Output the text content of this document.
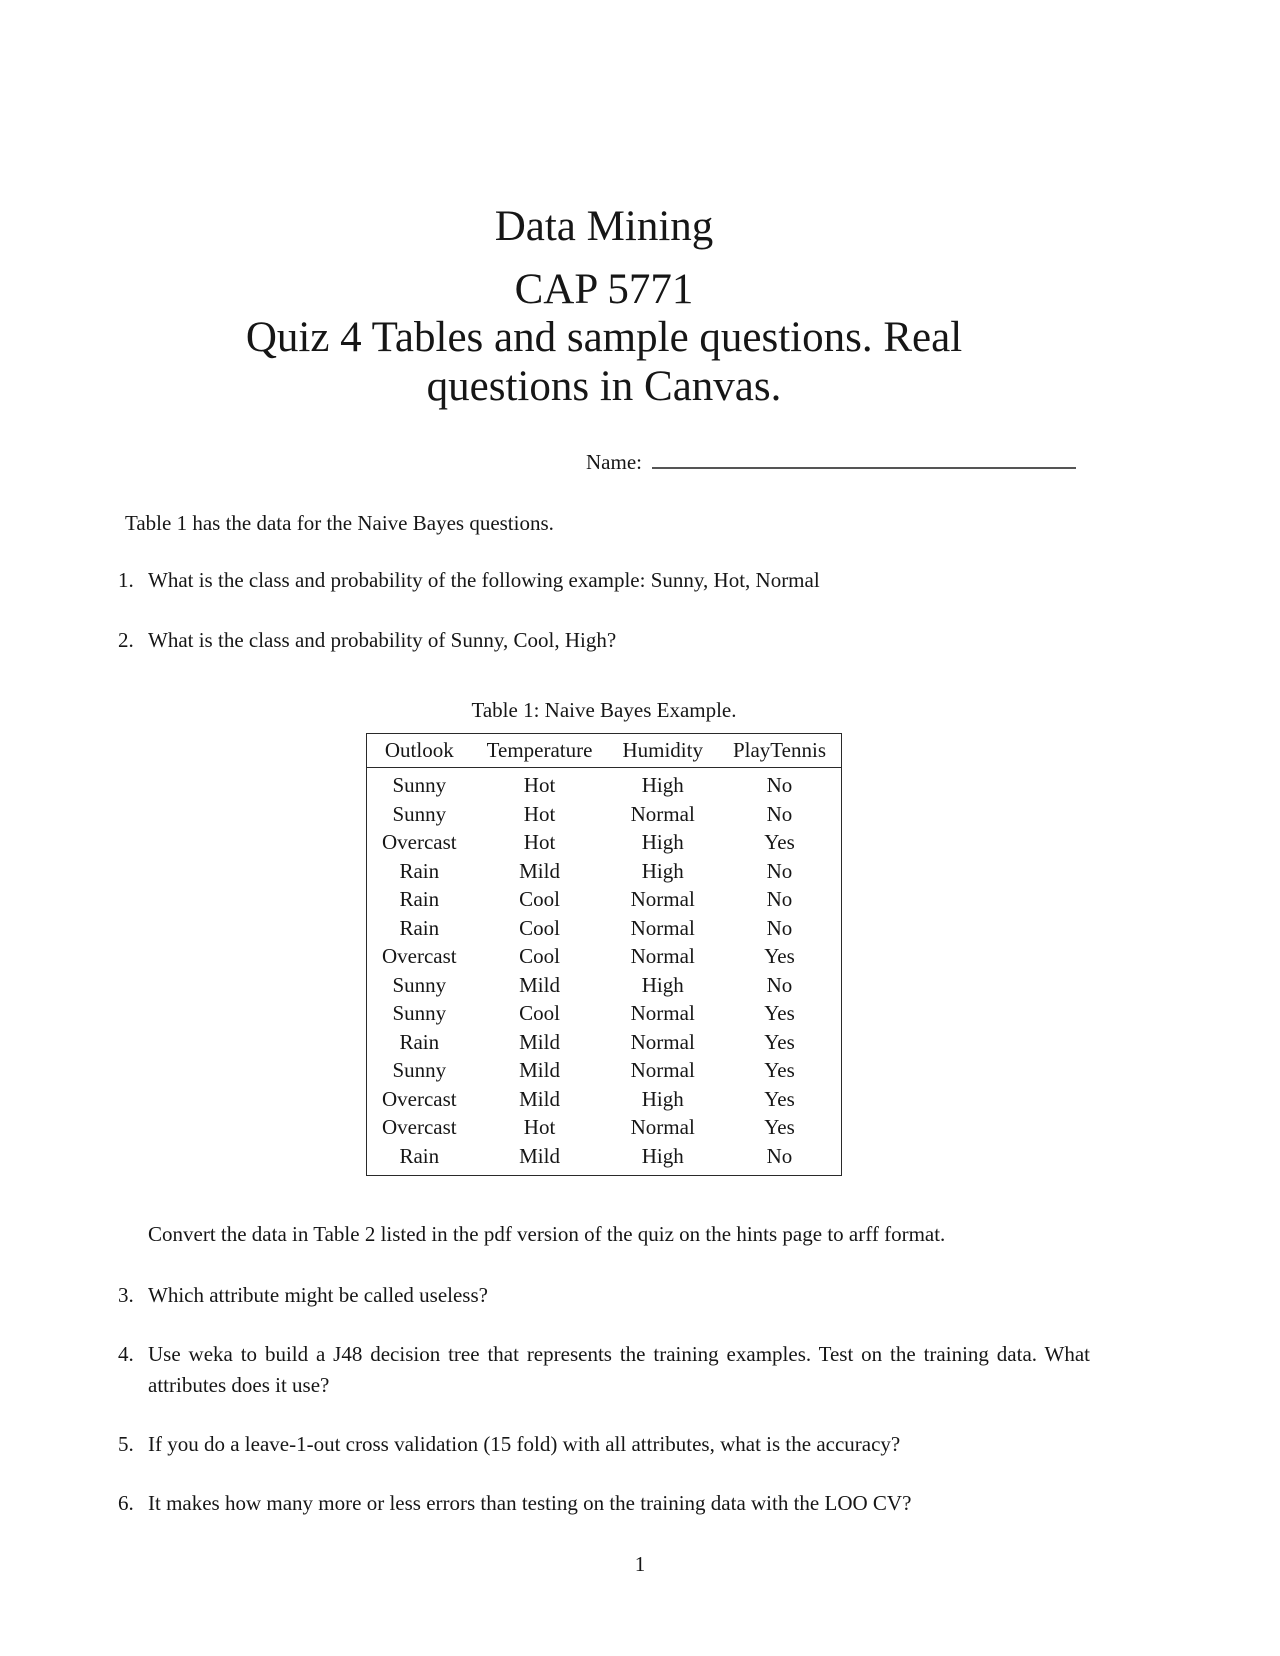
Data Mining
CAP 5771
Quiz 4 Tables and sample questions. Real
questions in Canvas.
Name:

Table 1 has the data for the Naive Bayes questions.

1. What is the class and probability of the following example: Sunny, Hot, Normal
2. What is the class and probability of Sunny, Cool, High?
Table 1: Naive Bayes Example.
Outlook	Temperature	Humidity	PlayTennis
Sunny	Hot	High	No
Sunny	Hot	Normal	No
Overcast	Hot	High	Yes
Rain	Mild	High	No
Rain	Cool	Normal	No
Rain	Cool	Normal	No
Overcast	Cool	Normal	Yes
Sunny	Mild	High	No
Sunny	Cool	Normal	Yes
Rain	Mild	Normal	Yes
Sunny	Mild	Normal	Yes
Overcast	Mild	High	Yes
Overcast	Hot	Normal	Yes
Rain	Mild	High	No

Convert the data in Table 2 listed in the pdf version of the quiz on the hints page to arff format.

3. Which attribute might be called useless?
4. Use weka to build a J48 decision tree that represents the training examples. Test on the training data. What attributes does it use?
5. If you do a leave-1-out cross validation (15 fold) with all attributes, what is the accuracy?
6. It makes how many more or less errors than testing on the training data with the LOO CV?
1
